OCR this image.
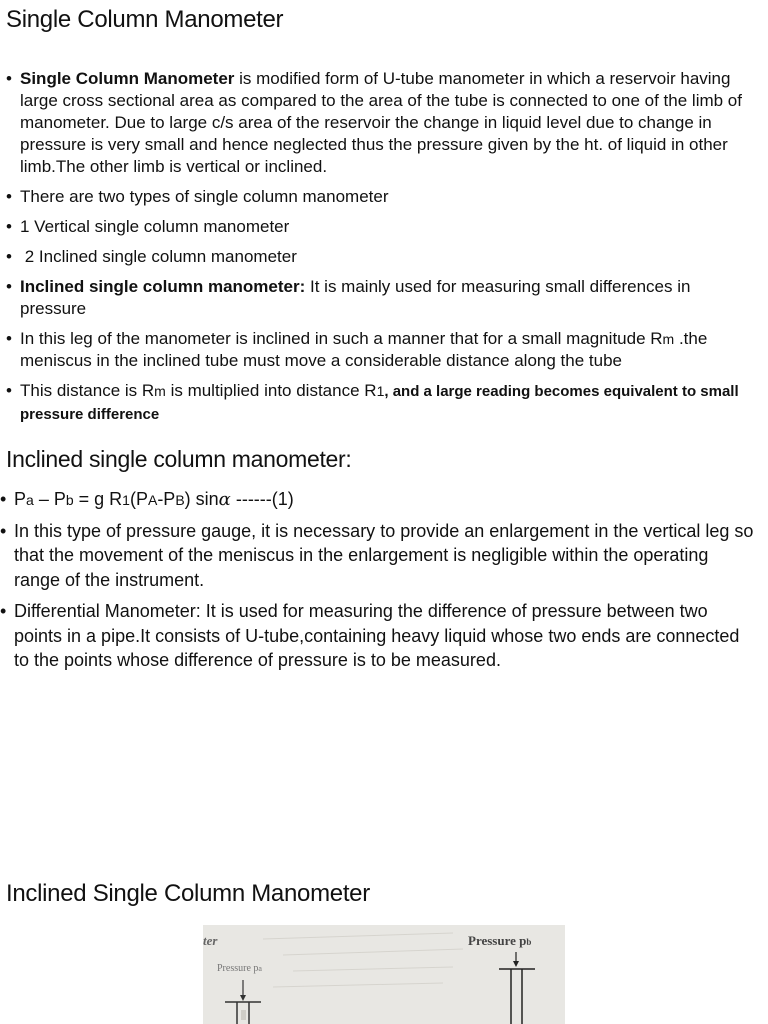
Single Column Manometer
• Single Column Manometer is modified form of U-tube manometer in which a reservoir having large cross sectional area as compared to the area of the tube is connected to one of the limb of manometer. Due to large c/s area of the reservoir the change in liquid level due to change in pressure is very small and hence neglected thus the pressure given by the ht. of liquid in other limb.The other limb is vertical or inclined.
• There are two types of single column manometer
• 1 Vertical single column manometer
•  2 Inclined single column manometer
• Inclined single column manometer: It is mainly used for measuring small differences in pressure
• In this leg of the manometer is inclined in such a manner that for a small magnitude Rm .the meniscus in the inclined tube must move a considerable distance along the tube
• This distance is Rm is multiplied into distance R1, and a large reading becomes equivalent to small pressure difference
Inclined single column manometer:
• Pa – Pb = g R1(PA-PB) sinα ------(1)
• In this type of pressure gauge, it is necessary to provide an enlargement in the vertical leg so that the movement of the meniscus in the enlargement is negligible within the operating range of the instrument.
• Differential Manometer: It is used for measuring the difference of pressure between two points in a pipe.It consists of U-tube,containing heavy liquid whose two ends are connected to the points whose difference of pressure is to be measured.
Inclined Single Column Manometer
ter	Pressure pb
Pressure pa
